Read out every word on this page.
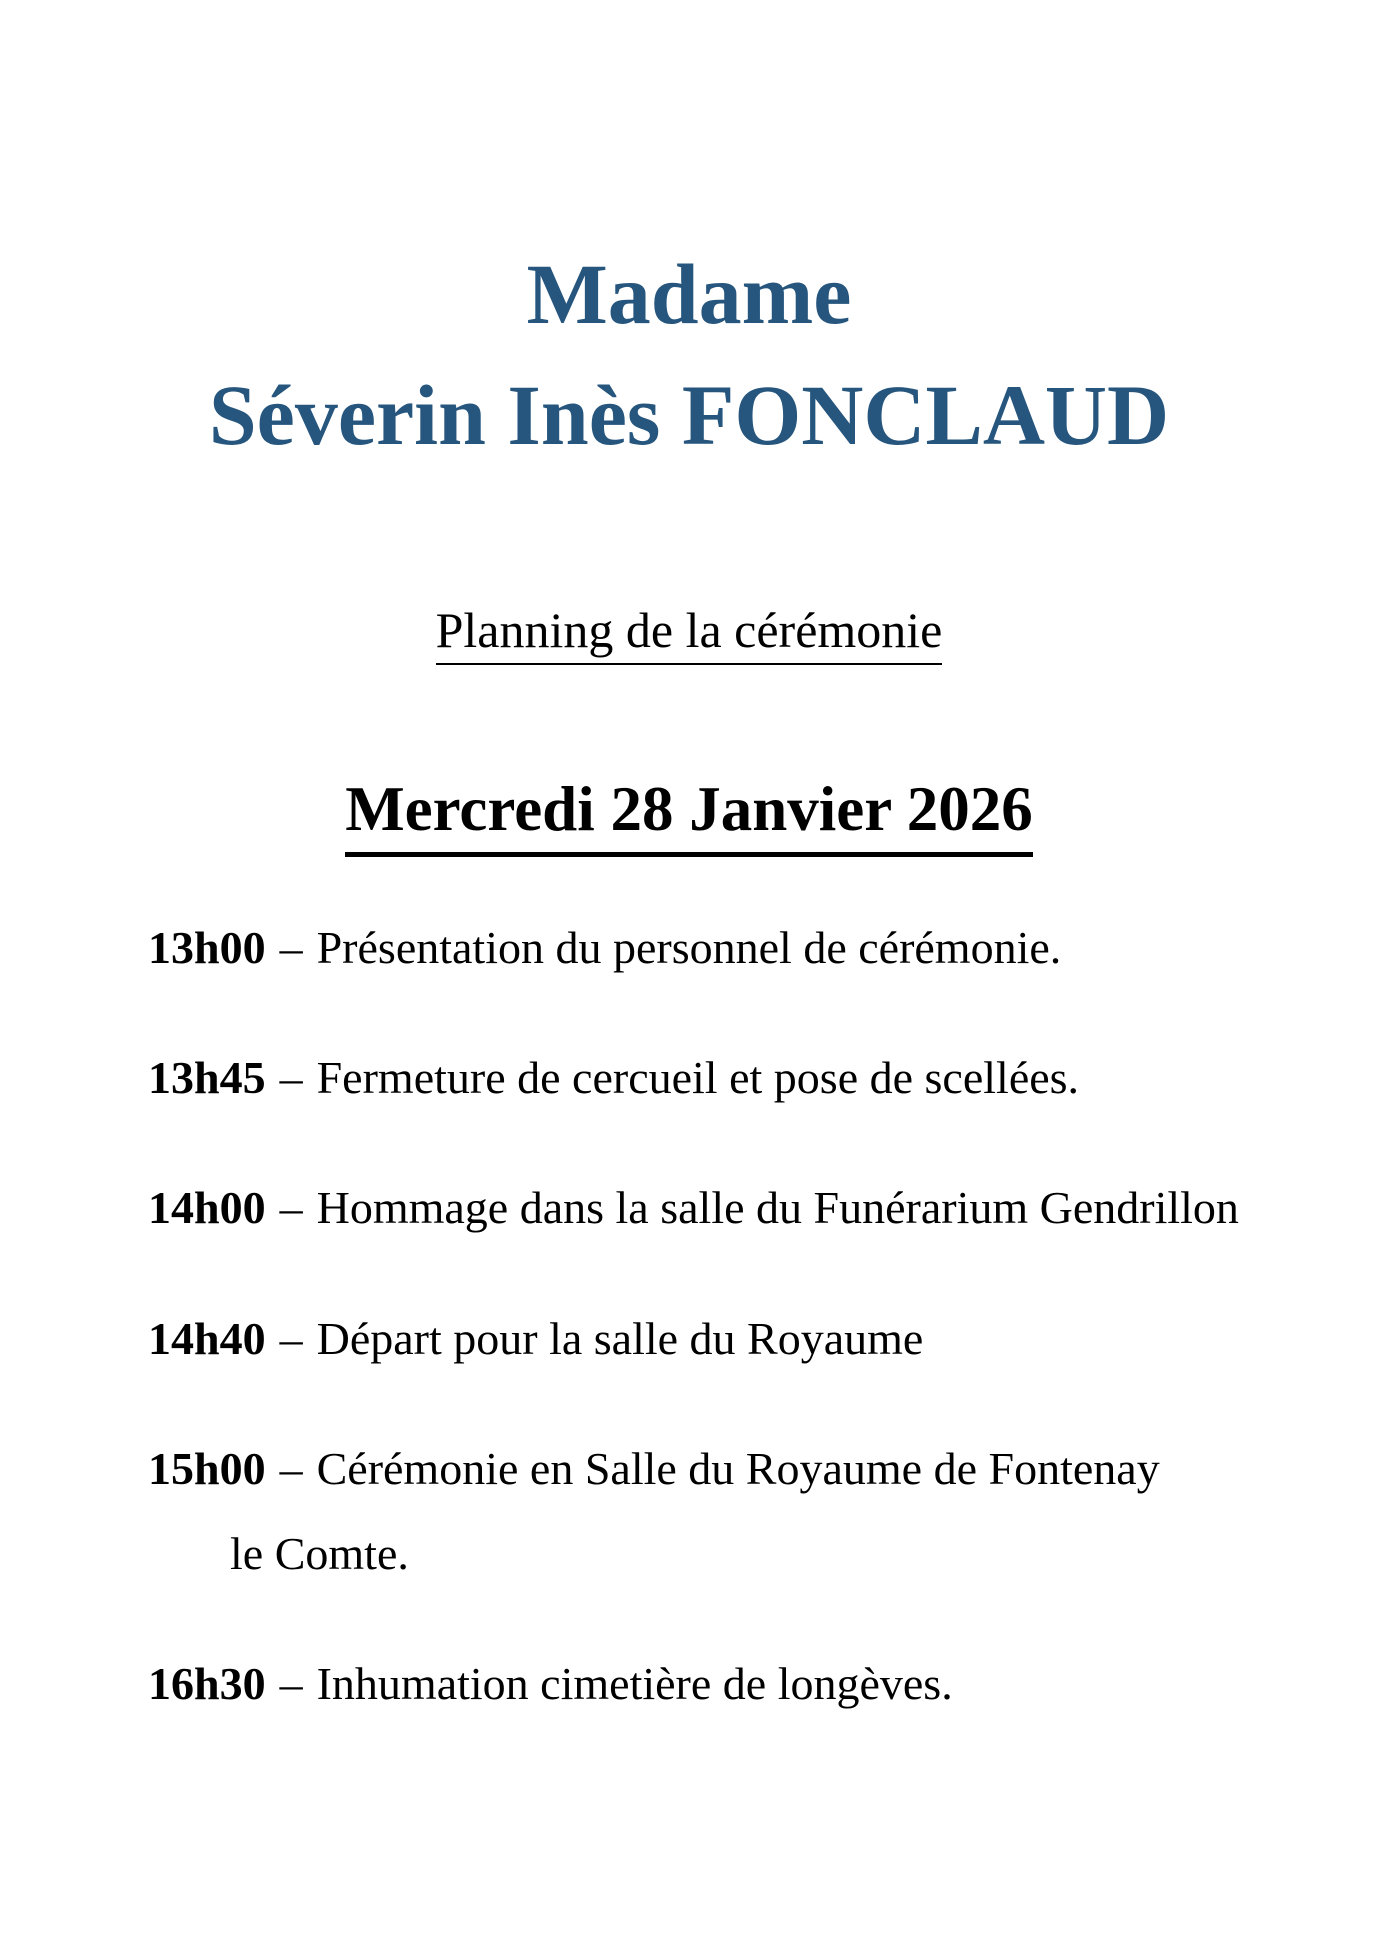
Madame
Séverin Inès FONCLAUD
Planning de la cérémonie
Mercredi 28 Janvier 2026
13h00 – Présentation du personnel de cérémonie.
13h45 – Fermeture de cercueil et pose de scellées.
14h00 – Hommage dans la salle du Funérarium Gendrillon
14h40 – Départ pour la salle du Royaume
15h00 – Cérémonie en Salle du Royaume de Fontenay
le Comte.
16h30 – Inhumation cimetière de longèves.
